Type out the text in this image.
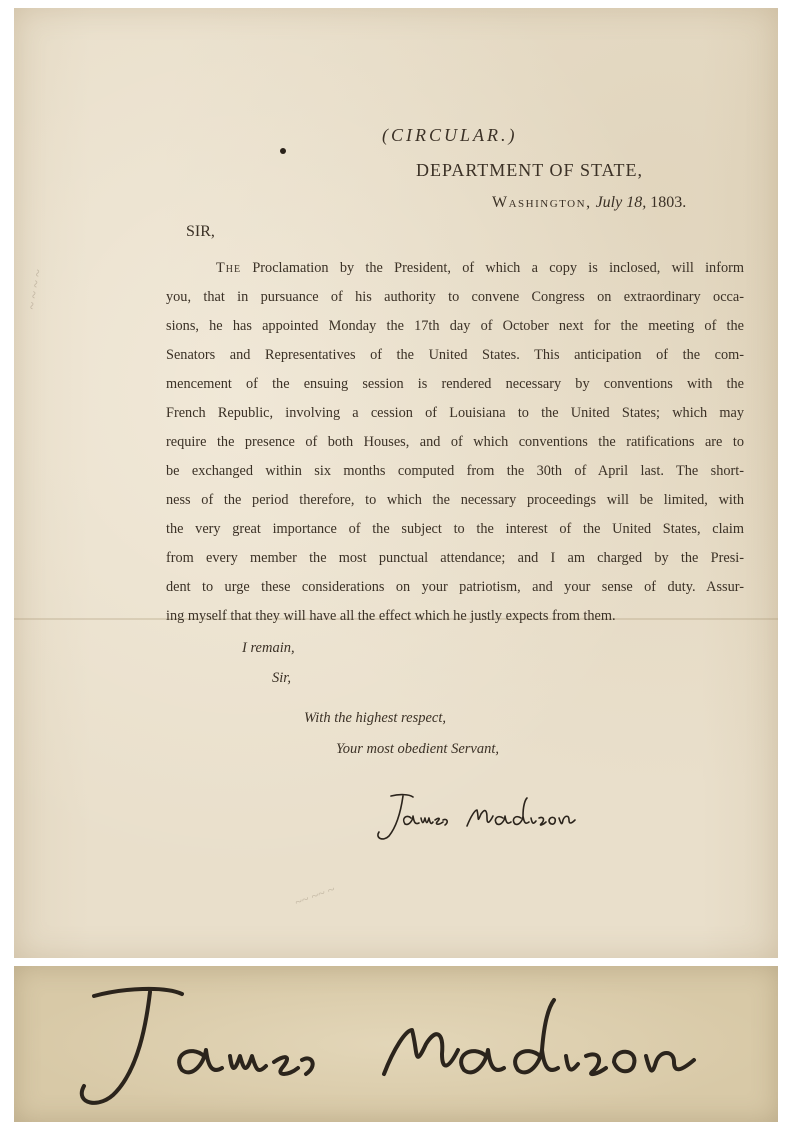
~ ~ ~ ~
~~ ~~ ~
(CIRCULAR.)
DEPARTMENT OF STATE,
Washington, July 18, 1803.
SIR,
The Proclamation by the President, of which a copy is inclosed, will inform
you, that in pursuance of his authority to convene Congress on extraordinary occa-
sions, he has appointed Monday the 17th day of October next for the meeting of the
Senators and Representatives of the United States. This anticipation of the com-
mencement of the ensuing session is rendered necessary by conventions with the
French Republic, involving a cession of Louisiana to the United States; which may
require the presence of both Houses, and of which conventions the ratifications are to
be exchanged within six months computed from the 30th of April last. The short-
ness of the period therefore, to which the necessary proceedings will be limited, with
the very great importance of the subject to the interest of the United States, claim
from every member the most punctual attendance; and I am charged by the Presi-
dent to urge these considerations on your patriotism, and your sense of duty. Assur-
ing myself that they will have all the effect which he justly expects from them.
I remain,
Sir,
With the highest respect,
Your most obedient Servant,
